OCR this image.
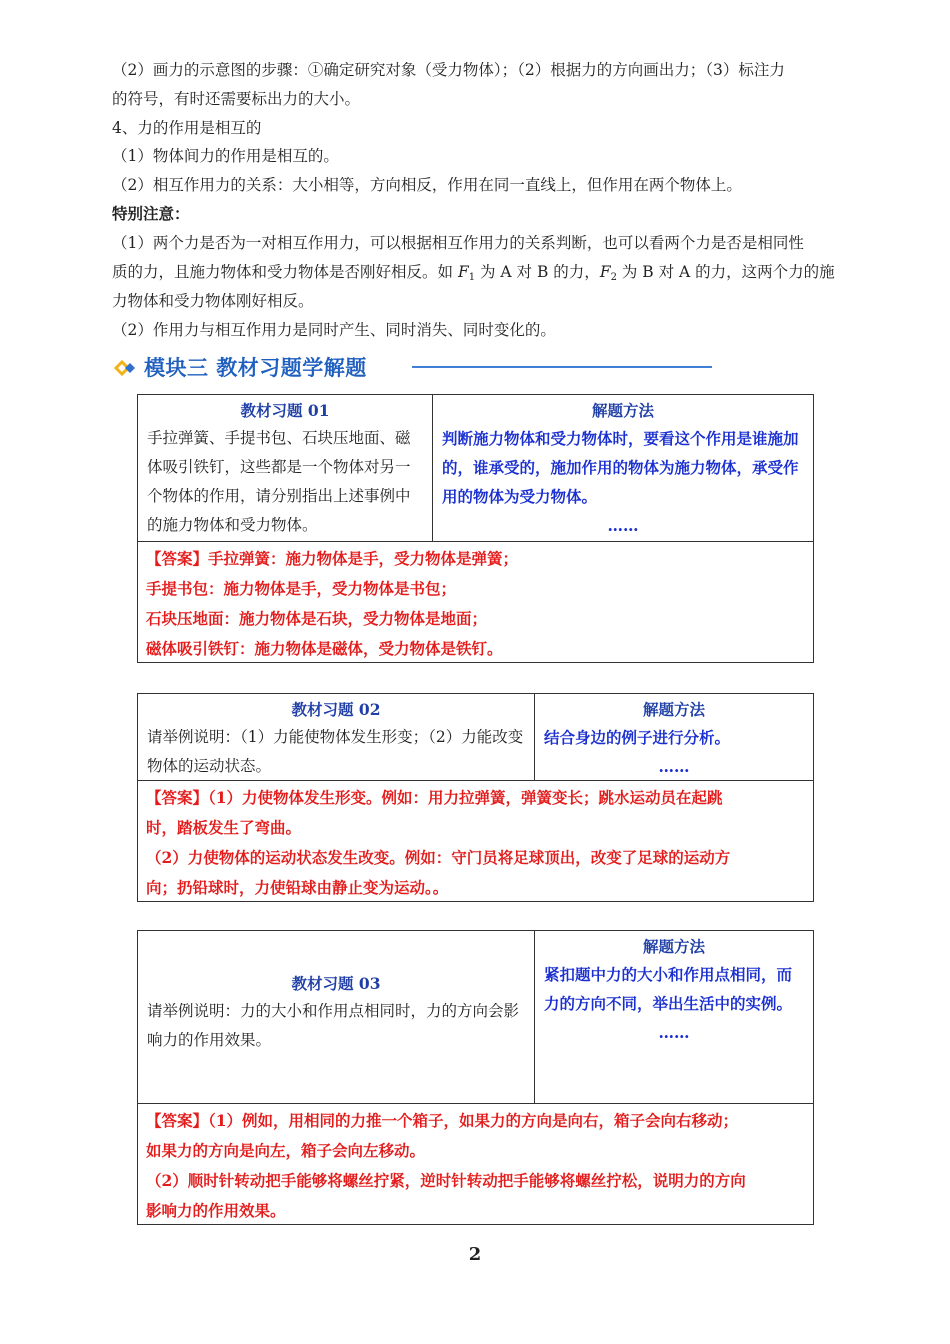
（2）画力的示意图的步骤：①确定研究对象（受力物体）；（2）根据力的方向画出力；（3）标注力
的符号，有时还需要标出力的大小。
4、力的作用是相互的
（1）物体间力的作用是相互的。
（2）相互作用力的关系：大小相等，方向相反，作用在同一直线上，但作用在两个物体上。
特别注意：
（1）两个力是否为一对相互作用力，可以根据相互作用力的关系判断，也可以看两个力是否是相同性
质的力，且施力物体和受力物体是否刚好相反。如 $F_1$ 为 A 对 B 的力，$F_2$ 为 B 对 A 的力，这两个力的施
力物体和受力物体刚好相反。
（2）作用力与相互作用力是同时产生、同时消失、同时变化的。
模块三 教材习题学解题
教材习题 01
手拉弹簧、手提书包、石块压地面、磁体吸引铁钉，这些都是一个物体对另一个物体的作用，请分别指出上述事例中的施力物体和受力物体。

解题方法
判断施力物体和受力物体时，要看这个作用是谁施加的，谁承受的，施加作用的物体为施力物体，承受作用的物体为受力物体。
……

【答案】手拉弹簧：施力物体是手，受力物体是弹簧；
手提书包：施力物体是手，受力物体是书包；
石块压地面：施力物体是石块，受力物体是地面；
磁体吸引铁钉：施力物体是磁体，受力物体是铁钉。
教材习题 02
请举例说明：（1）力能使物体发生形变；（2）力能改变物体的运动状态。

解题方法
结合身边的例子进行分析。
……

【答案】（1）力使物体发生形变。例如：用力拉弹簧，弹簧变长；跳水运动员在起跳
时，踏板发生了弯曲。
（2）力使物体的运动状态发生改变。例如：守门员将足球顶出，改变了足球的运动方
向；扔铅球时，力使铅球由静止变为运动。。
教材习题 03
请举例说明：力的大小和作用点相同时，力的方向会影响力的作用效果。

解题方法
紧扣题中力的大小和作用点相同，而力的方向不同，举出生活中的实例。
……

【答案】（1）例如，用相同的力推一个箱子，如果力的方向是向右，箱子会向右移动；
如果力的方向是向左，箱子会向左移动。
（2）顺时针转动把手能够将螺丝拧紧，逆时针转动把手能够将螺丝拧松，说明力的方向
影响力的作用效果。
2
